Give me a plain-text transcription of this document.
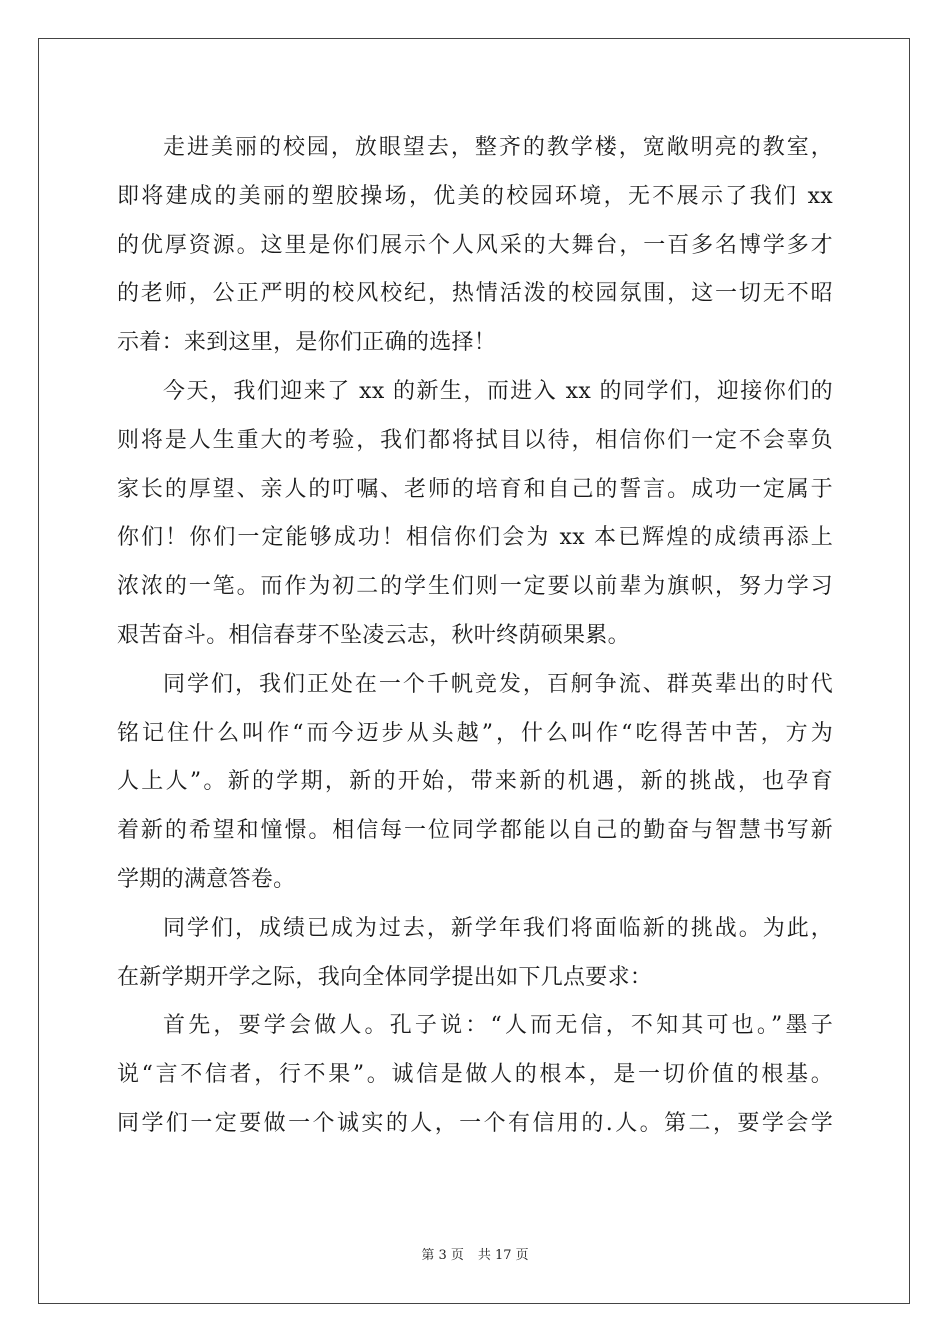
走进美丽的校园，放眼望去，整齐的教学楼，宽敞明亮的教室，
即将建成的美丽的塑胶操场，优美的校园环境，无不展示了我们 xx
的优厚资源。这里是你们展示个人风采的大舞台，一百多名博学多才
的老师，公正严明的校风校纪，热情活泼的校园氛围，这一切无不昭
示着：来到这里，是你们正确的选择！
今天，我们迎来了 xx 的新生，而进入 xx 的同学们，迎接你们的
则将是人生重大的考验，我们都将拭目以待，相信你们一定不会辜负
家长的厚望、亲人的叮嘱、老师的培育和自己的誓言。成功一定属于
你们！你们一定能够成功！相信你们会为 xx 本已辉煌的成绩再添上
浓浓的一笔。而作为初二的学生们则一定要以前辈为旗帜，努力学习
艰苦奋斗。相信春芽不坠凌云志，秋叶终荫硕果累。
同学们，我们正处在一个千帆竞发，百舸争流、群英辈出的时代
铭记住什么叫作“而今迈步从头越”，什么叫作“吃得苦中苦，方为
人上人”。新的学期，新的开始，带来新的机遇，新的挑战，也孕育
着新的希望和憧憬。相信每一位同学都能以自己的勤奋与智慧书写新
学期的满意答卷。
同学们，成绩已成为过去，新学年我们将面临新的挑战。为此，
在新学期开学之际，我向全体同学提出如下几点要求：
首先，要学会做人。孔子说：“人而无信，不知其可也。”墨子
说“言不信者，行不果”。诚信是做人的根本，是一切价值的根基。
同学们一定要做一个诚实的人，一个有信用的.人。第二，要学会学
第 3 页 共 17 页
